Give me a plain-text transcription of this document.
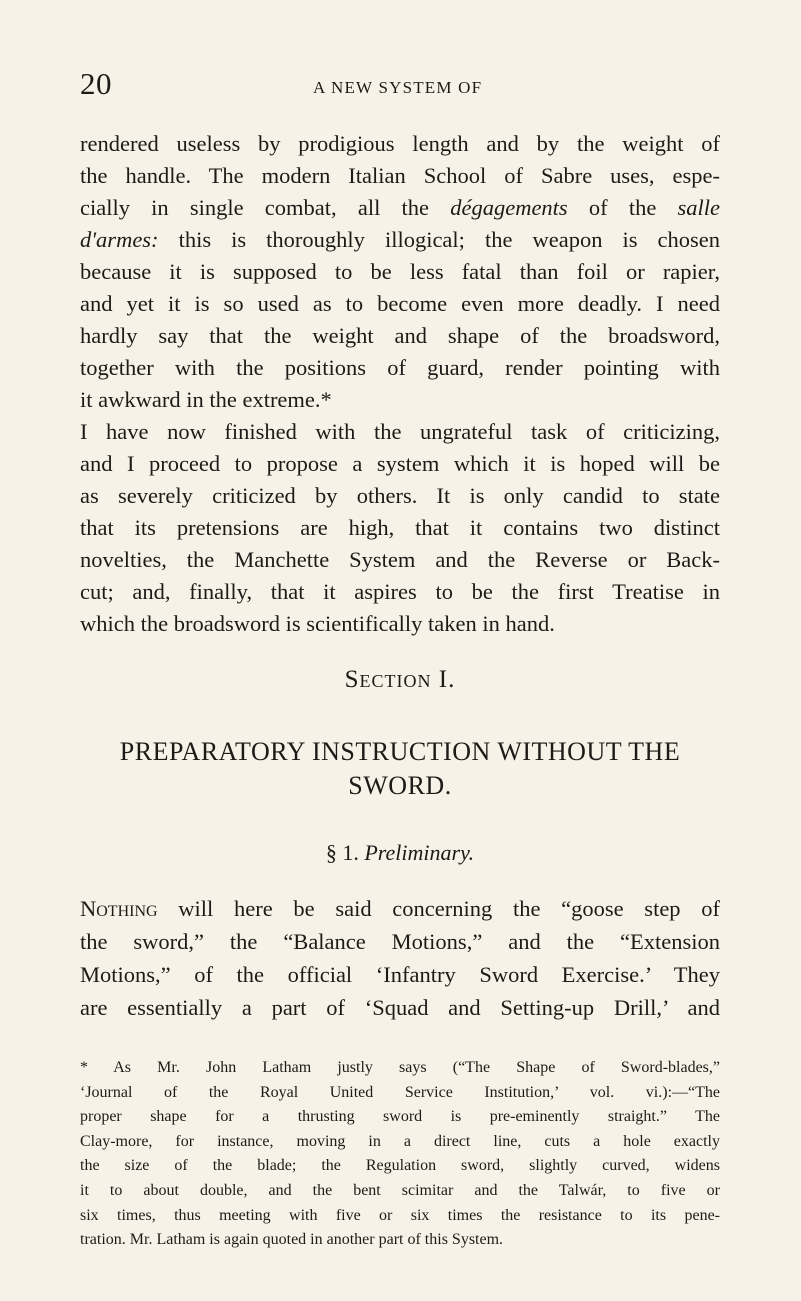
20	A NEW SYSTEM OF
rendered useless by prodigious length and by the weight of
the handle. The modern Italian School of Sabre uses, espe-
cially in single combat, all the dégagements of the salle
d'armes: this is thoroughly illogical; the weapon is chosen
because it is supposed to be less fatal than foil or rapier,
and yet it is so used as to become even more deadly. I need
hardly say that the weight and shape of the broadsword,
together with the positions of guard, render pointing with
it awkward in the extreme.*
I have now finished with the ungrateful task of criticizing,
and I proceed to propose a system which it is hoped will be
as severely criticized by others. It is only candid to state
that its pretensions are high, that it contains two distinct
novelties, the Manchette System and the Reverse or Back-
cut; and, finally, that it aspires to be the first Treatise in
which the broadsword is scientifically taken in hand.
Section I.
PREPARATORY INSTRUCTION WITHOUT THE
SWORD.
§ 1. Preliminary.
Nothing will here be said concerning the “goose step of
the sword,” the “Balance Motions,” and the “Extension
Motions,” of the official ‘Infantry Sword Exercise.’ They
are essentially a part of ‘Squad and Setting-up Drill,’ and
* As Mr. John Latham justly says (“The Shape of Sword-blades,”
‘Journal of the Royal United Service Institution,’ vol. vi.):—“The
proper shape for a thrusting sword is pre-eminently straight.” The
Clay-more, for instance, moving in a direct line, cuts a hole exactly
the size of the blade; the Regulation sword, slightly curved, widens
it to about double, and the bent scimitar and the Talwár, to five or
six times, thus meeting with five or six times the resistance to its pene-
tration. Mr. Latham is again quoted in another part of this System.
